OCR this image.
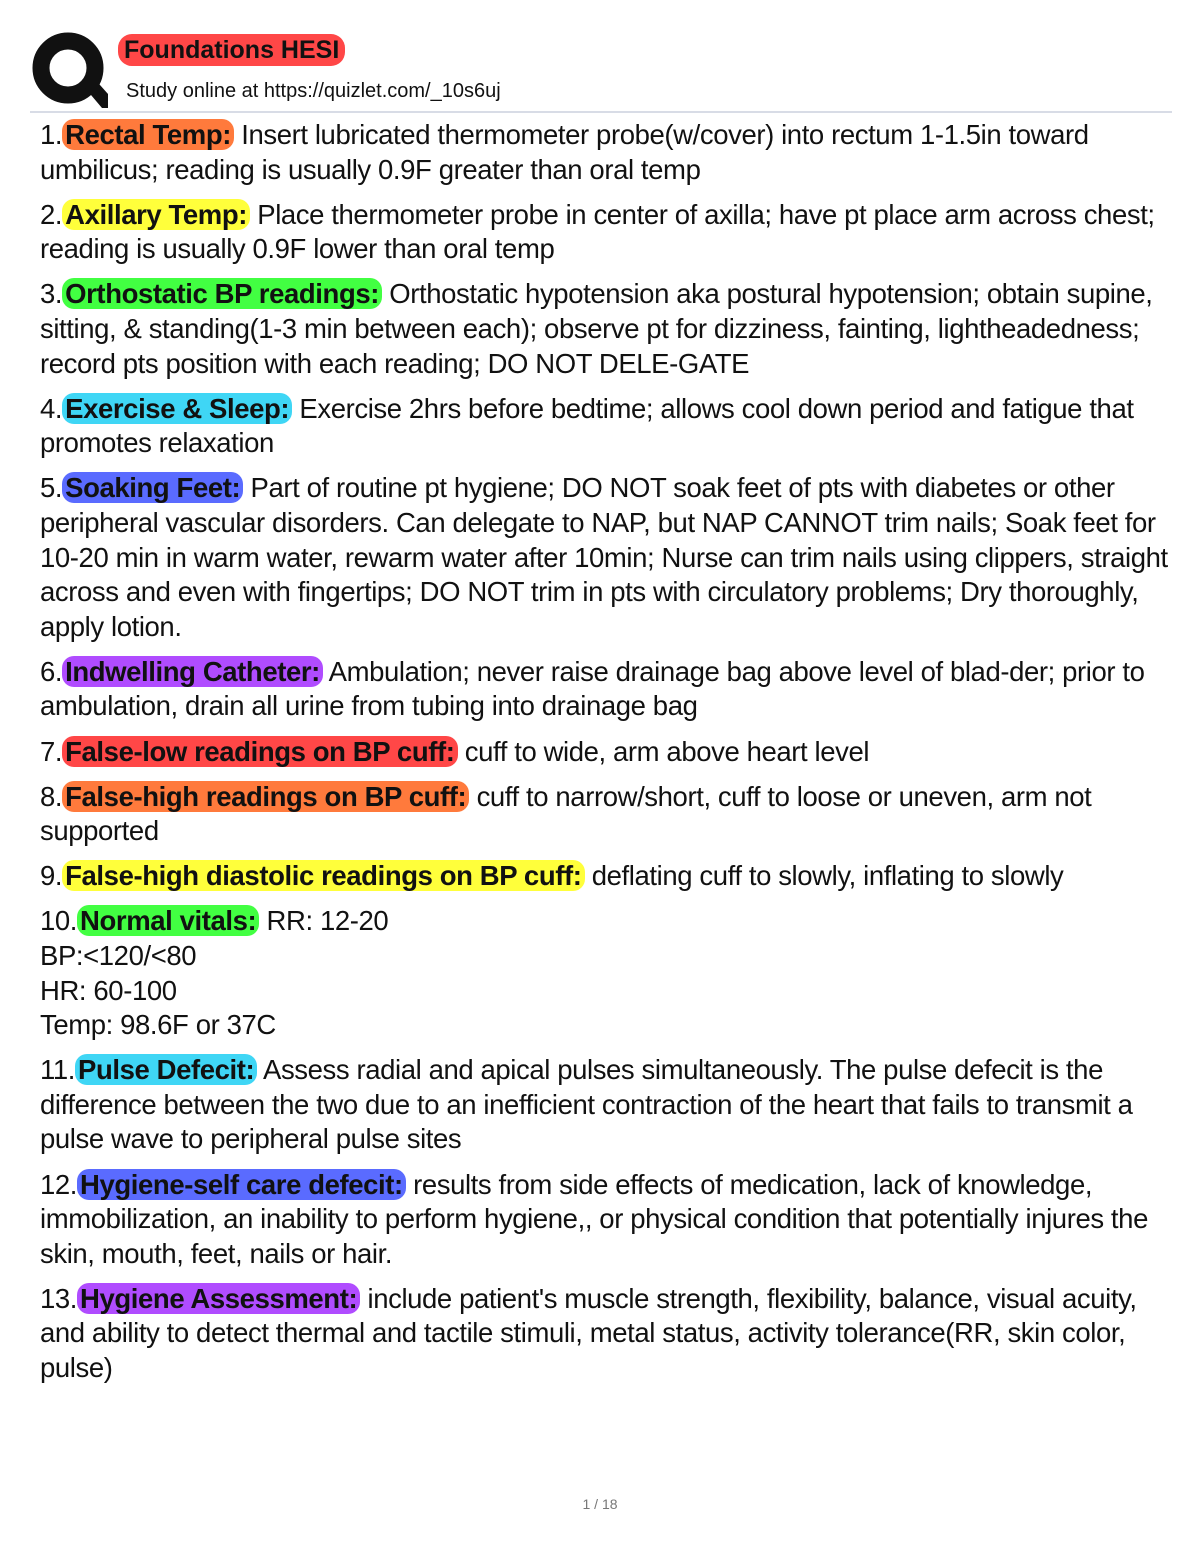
Foundations HESI
Study online at https://quizlet.com/_10s6uj
1. Rectal Temp: Insert lubricated thermometer probe(w/cover) into rectum 1-1.5in toward umbilicus; reading is usually 0.9F greater than oral temp
2. Axillary Temp: Place thermometer probe in center of axilla; have pt place arm across chest; reading is usually 0.9F lower than oral temp
3. Orthostatic BP readings: Orthostatic hypotension aka postural hypotension; obtain supine, sitting, & standing(1-3 min between each); observe pt for dizziness, fainting, lightheadedness; record pts position with each reading; DO NOT DELE-GATE
4. Exercise & Sleep: Exercise 2hrs before bedtime; allows cool down period and fatigue that promotes relaxation
5. Soaking Feet: Part of routine pt hygiene; DO NOT soak feet of pts with diabetes or other peripheral vascular disorders. Can delegate to NAP, but NAP CANNOT trim nails; Soak feet for 10-20 min in warm water, rewarm water after 10min; Nurse can trim nails using clippers, straight across and even with fingertips; DO NOT trim in pts with circulatory problems; Dry thoroughly, apply lotion.
6. Indwelling Catheter: Ambulation; never raise drainage bag above level of blad-der; prior to ambulation, drain all urine from tubing into drainage bag
7. False-low readings on BP cuff: cuff to wide, arm above heart level
8. False-high readings on BP cuff: cuff to narrow/short, cuff to loose or uneven, arm not supported
9. False-high diastolic readings on BP cuff: deflating cuff to slowly, inflating to slowly
10. Normal vitals: RR: 12-20
BP:<120/<80
HR: 60-100
Temp: 98.6F or 37C
11. Pulse Defecit: Assess radial and apical pulses simultaneously. The pulse defecit is the difference between the two due to an inefficient contraction of the heart that fails to transmit a pulse wave to peripheral pulse sites
12. Hygiene-self care defecit: results from side effects of medication, lack of knowledge, immobilization, an inability to perform hygiene,, or physical condition that potentially injures the skin, mouth, feet, nails or hair.
13. Hygiene Assessment: include patient's muscle strength, flexibility, balance, visual acuity, and ability to detect thermal and tactile stimuli, metal status, activity tolerance(RR, skin color, pulse)
1 / 18
